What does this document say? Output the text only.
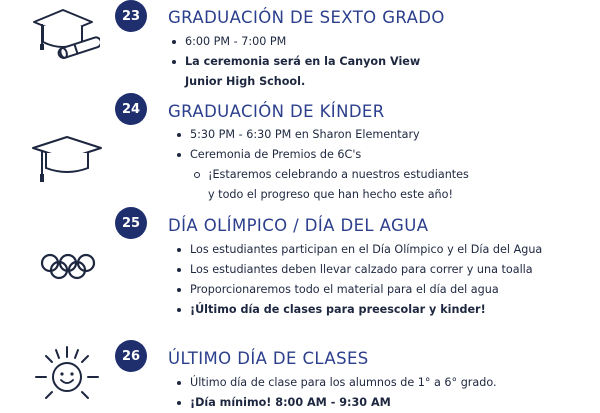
23	GRADUACIÓN DE SEXTO GRADO
6:00 PM - 7:00 PM
La ceremonia será en la Canyon View
Junior High School.
24	GRADUACIÓN DE KÍNDER
5:30 PM - 6:30 PM en Sharon Elementary
Ceremonia de Premios de 6C's
¡Estaremos celebrando a nuestros estudiantes
y todo el progreso que han hecho este año!
25	DÍA OLÍMPICO / DÍA DEL AGUA
Los estudiantes participan en el Día Olímpico y el Día del Agua
Los estudiantes deben llevar calzado para correr y una toalla
Proporcionaremos todo el material para el día del agua
¡Último día de clases para preescolar y kinder!
26	ÚLTIMO DÍA DE CLASES
Último día de clase para los alumnos de 1° a 6° grado.
¡Día mínimo! 8:00 AM - 9:30 AM
